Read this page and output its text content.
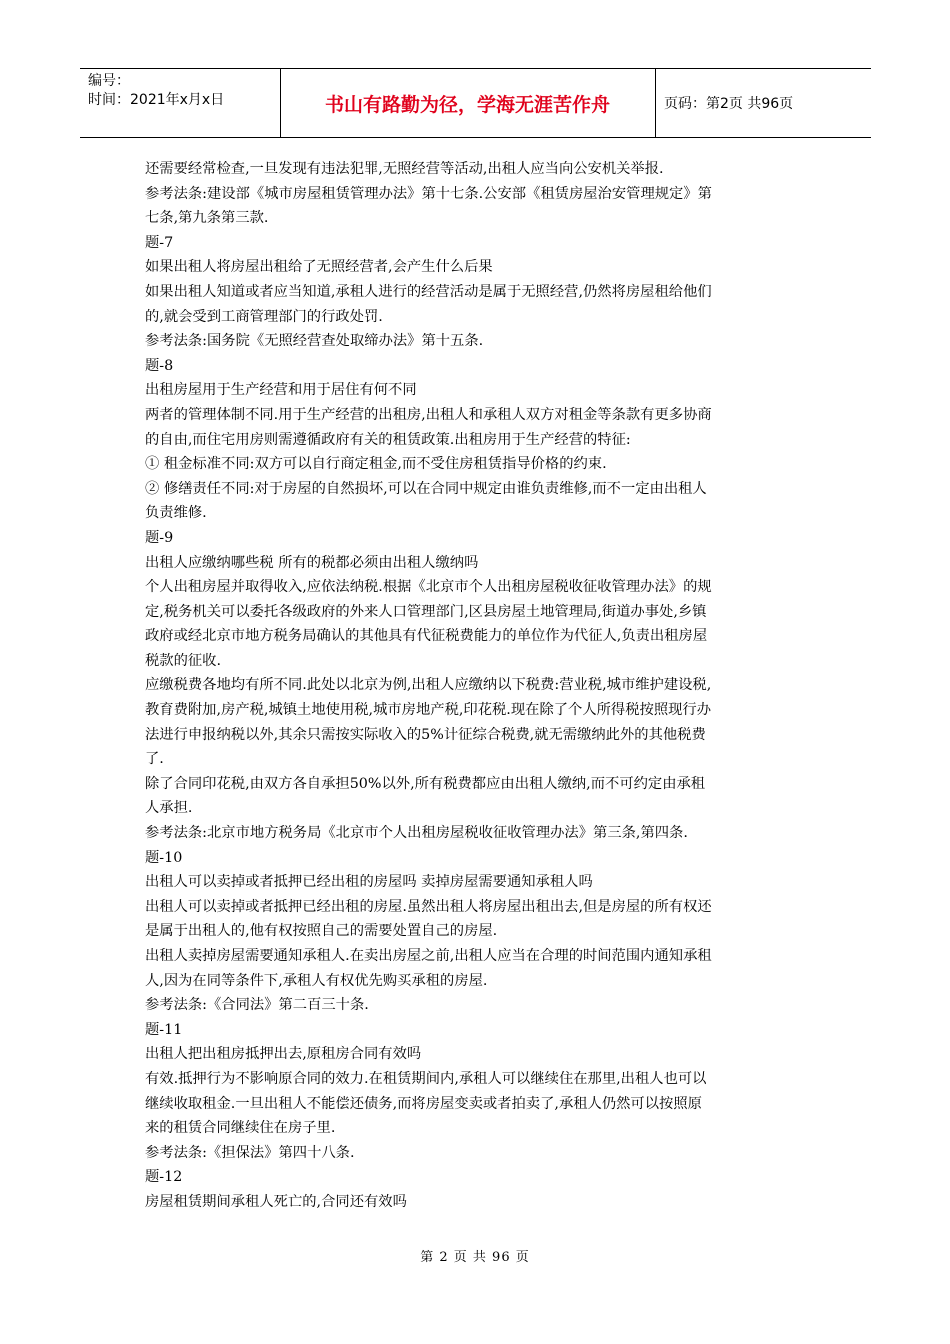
编号：
时间：2021年x月x日	书山有路勤为径，学海无涯苦作舟	页码：第2页 共96页
还需要经常检查,一旦发现有违法犯罪,无照经营等活动,出租人应当向公安机关举报.
参考法条:建设部《城市房屋租赁管理办法》第十七条.公安部《租赁房屋治安管理规定》第
七条,第九条第三款.
题-7
如果出租人将房屋出租给了无照经营者,会产生什么后果
如果出租人知道或者应当知道,承租人进行的经营活动是属于无照经营,仍然将房屋租给他们
的,就会受到工商管理部门的行政处罚.
参考法条:国务院《无照经营查处取缔办法》第十五条.
题-8
出租房屋用于生产经营和用于居住有何不同
两者的管理体制不同.用于生产经营的出租房,出租人和承租人双方对租金等条款有更多协商
的自由,而住宅用房则需遵循政府有关的租赁政策.出租房用于生产经营的特征:
① 租金标准不同:双方可以自行商定租金,而不受住房租赁指导价格的约束.
② 修缮责任不同:对于房屋的自然损坏,可以在合同中规定由谁负责维修,而不一定由出租人
负责维修.
题-9
出租人应缴纳哪些税 所有的税都必须由出租人缴纳吗
个人出租房屋并取得收入,应依法纳税.根据《北京市个人出租房屋税收征收管理办法》的规
定,税务机关可以委托各级政府的外来人口管理部门,区县房屋土地管理局,街道办事处,乡镇
政府或经北京市地方税务局确认的其他具有代征税费能力的单位作为代征人,负责出租房屋
税款的征收.
应缴税费各地均有所不同.此处以北京为例,出租人应缴纳以下税费:营业税,城市维护建设税,
教育费附加,房产税,城镇土地使用税,城市房地产税,印花税.现在除了个人所得税按照现行办
法进行申报纳税以外,其余只需按实际收入的5%计征综合税费,就无需缴纳此外的其他税费
了.
除了合同印花税,由双方各自承担50%以外,所有税费都应由出租人缴纳,而不可约定由承租
人承担.
参考法条:北京市地方税务局《北京市个人出租房屋税收征收管理办法》第三条,第四条.
题-10
出租人可以卖掉或者抵押已经出租的房屋吗 卖掉房屋需要通知承租人吗
出租人可以卖掉或者抵押已经出租的房屋.虽然出租人将房屋出租出去,但是房屋的所有权还
是属于出租人的,他有权按照自己的需要处置自己的房屋.
出租人卖掉房屋需要通知承租人.在卖出房屋之前,出租人应当在合理的时间范围内通知承租
人,因为在同等条件下,承租人有权优先购买承租的房屋.
参考法条:《合同法》第二百三十条.
题-11
出租人把出租房抵押出去,原租房合同有效吗
有效.抵押行为不影响原合同的效力.在租赁期间内,承租人可以继续住在那里,出租人也可以
继续收取租金.一旦出租人不能偿还债务,而将房屋变卖或者拍卖了,承租人仍然可以按照原
来的租赁合同继续住在房子里.
参考法条:《担保法》第四十八条.
题-12
房屋租赁期间承租人死亡的,合同还有效吗
第 2 页 共 96 页
